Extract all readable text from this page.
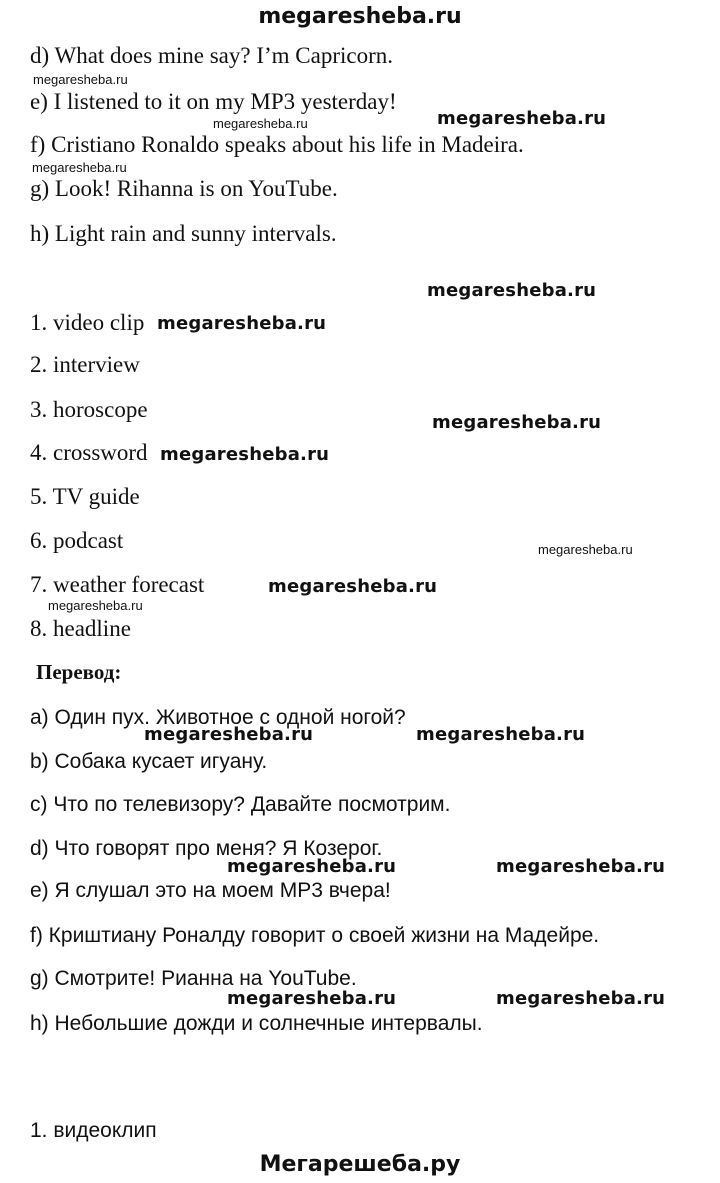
megaresheba.ru
d) What does mine say? I’m Capricorn.
e) I listened to it on my MP3 yesterday!
f) Cristiano Ronaldo speaks about his life in Madeira.
g) Look! Rihanna is on YouTube.
h) Light rain and sunny intervals.
1. video clip
2. interview
3. horoscope
4. crossword
5. TV guide
6. podcast
7. weather forecast
8. headline
Перевод:
a) Один пух. Животное с одной ногой?
b) Собака кусает игуану.
c) Что по телевизору? Давайте посмотрим.
d) Что говорят про меня? Я Козерог.
e) Я слушал это на моем MP3 вчера!
f) Криштиану Роналду говорит о своей жизни на Мадейре.
g) Смотрите! Рианна на YouTube.
h) Небольшие дожди и солнечные интервалы.
1. видеоклип
megaresheba.ru
megaresheba.ru	megaresheba.ru
megaresheba.ru
megaresheba.ru
megaresheba.ru
megaresheba.ru
megaresheba.ru
megaresheba.ru
megaresheba.ru
megaresheba.ru
megaresheba.ru	megaresheba.ru
megaresheba.ru	megaresheba.ru
megaresheba.ru	megaresheba.ru
Мегарешеба.ру
